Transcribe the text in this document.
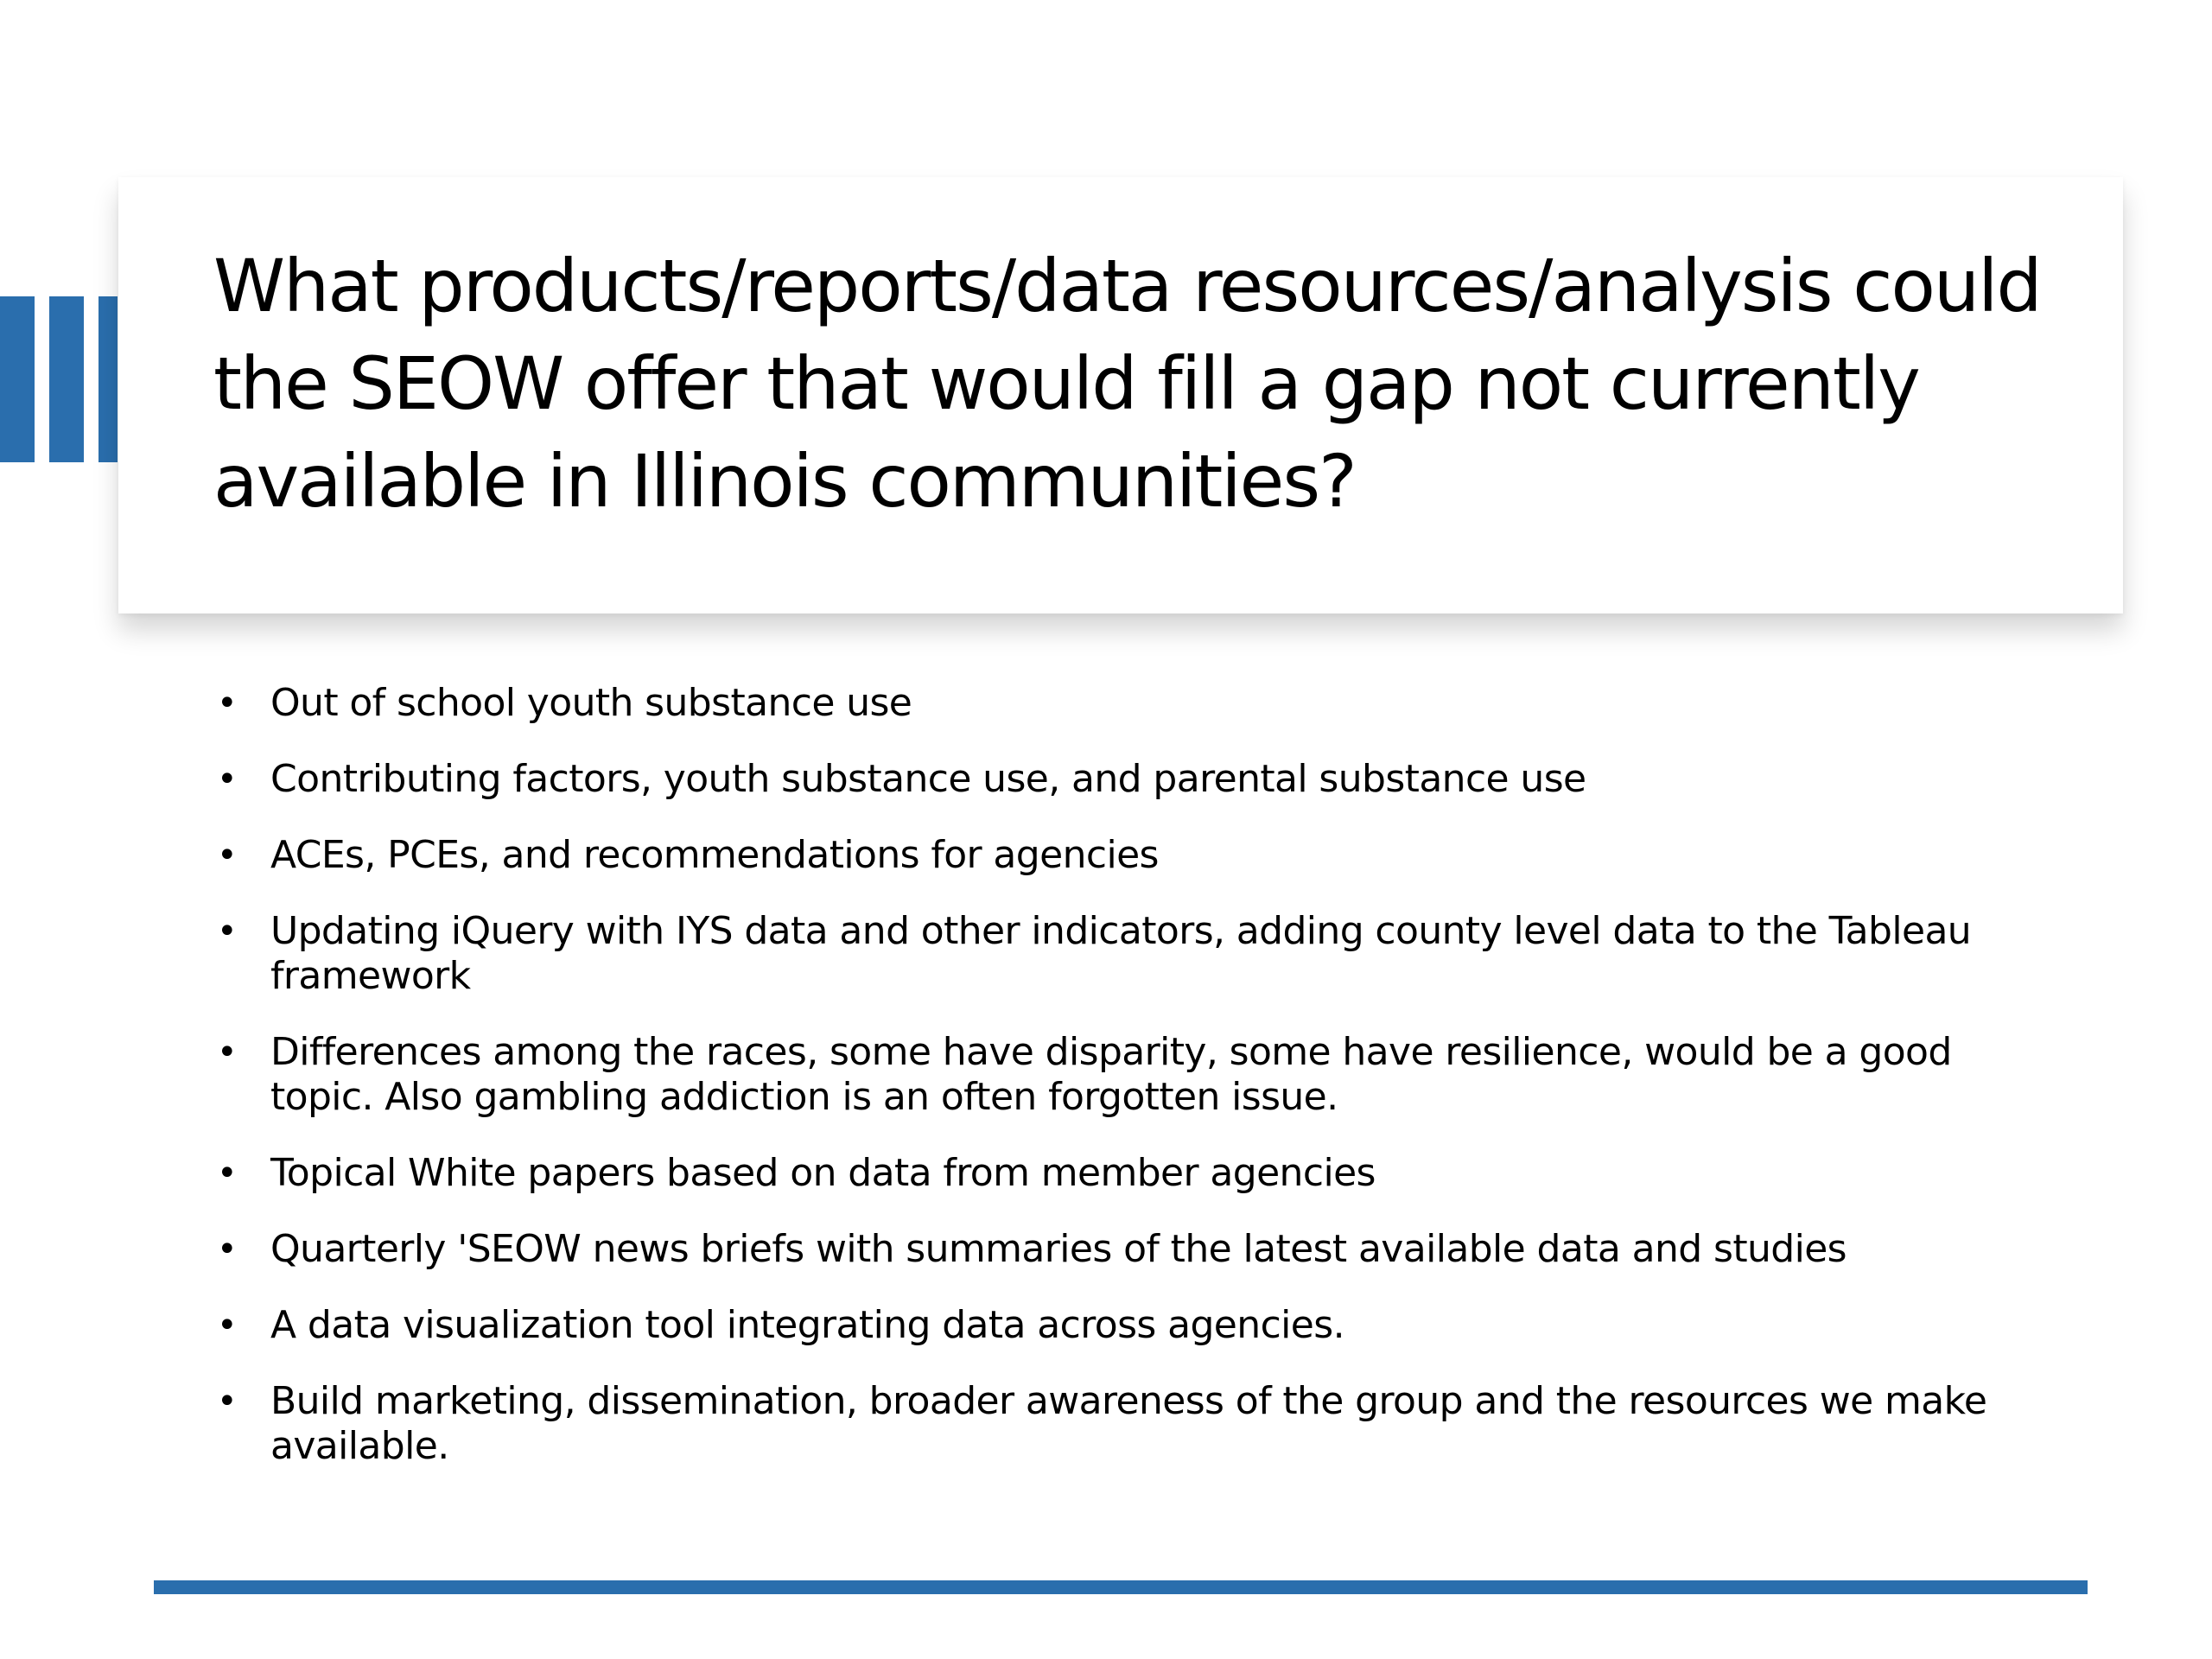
What products/reports/data resources/analysis could the SEOW offer that would fill a gap not currently available in Illinois communities?
• Out of school youth substance use
• Contributing factors, youth substance use, and parental substance use
• ACEs, PCEs, and recommendations for agencies
• Updating iQuery with IYS data and other indicators, adding county level data to the Tableau framework
• Differences among the races, some have disparity, some have resilience, would be a good topic. Also gambling addiction is an often forgotten issue.
• Topical White papers based on data from member agencies
• Quarterly 'SEOW news briefs with summaries of the latest available data and studies
• A data visualization tool integrating data across agencies.
• Build marketing, dissemination, broader awareness of the group and the resources we make available.
